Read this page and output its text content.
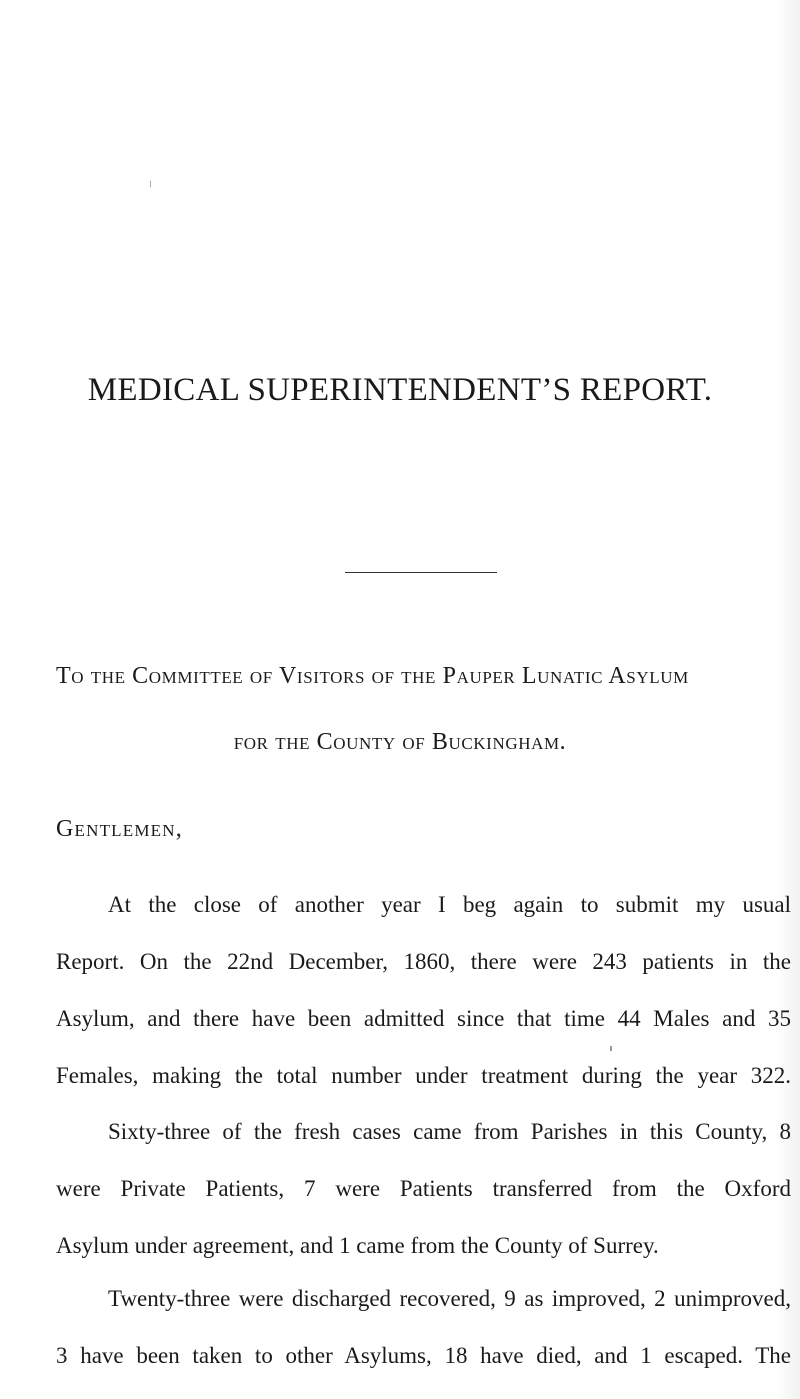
MEDICAL SUPERINTENDENT’S REPORT.
To the Committee of Visitors of the Pauper Lunatic Asylum
for the County of Buckingham.
Gentlemen,
At the close of another year I beg again to submit my usual
Report. On the 22nd December, 1860, there were 243 patients in the
Asylum, and there have been admitted since that time 44 Males and 35
Females, making the total number under treatment during the year 322.
Sixty-three of the fresh cases came from Parishes in this County, 8
were Private Patients, 7 were Patients transferred from the Oxford
Asylum under agreement, and 1 came from the County of Surrey.
Twenty-three were discharged recovered, 9 as improved, 2 unimproved,
3 have been taken to other Asylums, 18 have died, and 1 escaped. The
